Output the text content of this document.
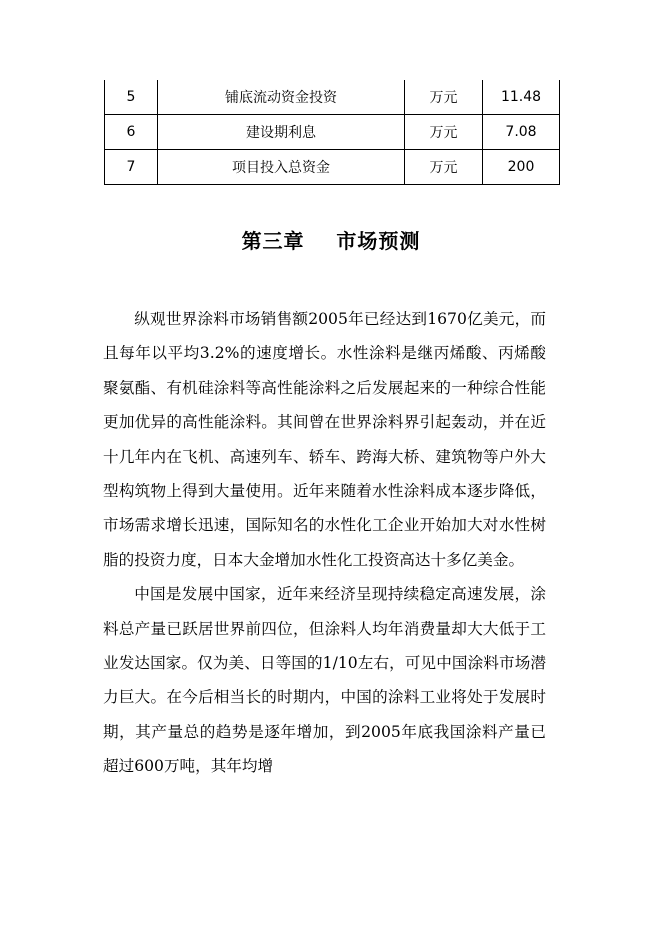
5	铺底流动资金投资	万元	11.48
6	建设期利息	万元	7.08
7	项目投入总资金	万元	200
第三章    市场预测

纵观世界涂料市场销售额2005年已经达到1670亿美元，而且每年以平均3.2%的速度增长。水性涂料是继丙烯酸、丙烯酸聚氨酯、有机硅涂料等高性能涂料之后发展起来的一种综合性能更加优异的高性能涂料。其间曾在世界涂料界引起轰动，并在近十几年内在飞机、高速列车、轿车、跨海大桥、建筑物等户外大型构筑物上得到大量使用。近年来随着水性涂料成本逐步降低，市场需求增长迅速，国际知名的水性化工企业开始加大对水性树脂的投资力度，日本大金增加水性化工投资高达十多亿美金。

中国是发展中国家，近年来经济呈现持续稳定高速发展，涂料总产量已跃居世界前四位，但涂料人均年消费量却大大低于工业发达国家。仅为美、日等国的1/10左右，可见中国涂料市场潜力巨大。在今后相当长的时期内，中国的涂料工业将处于发展时期，其产量总的趋势是逐年增加，到2005年底我国涂料产量已超过600万吨，其年均增
